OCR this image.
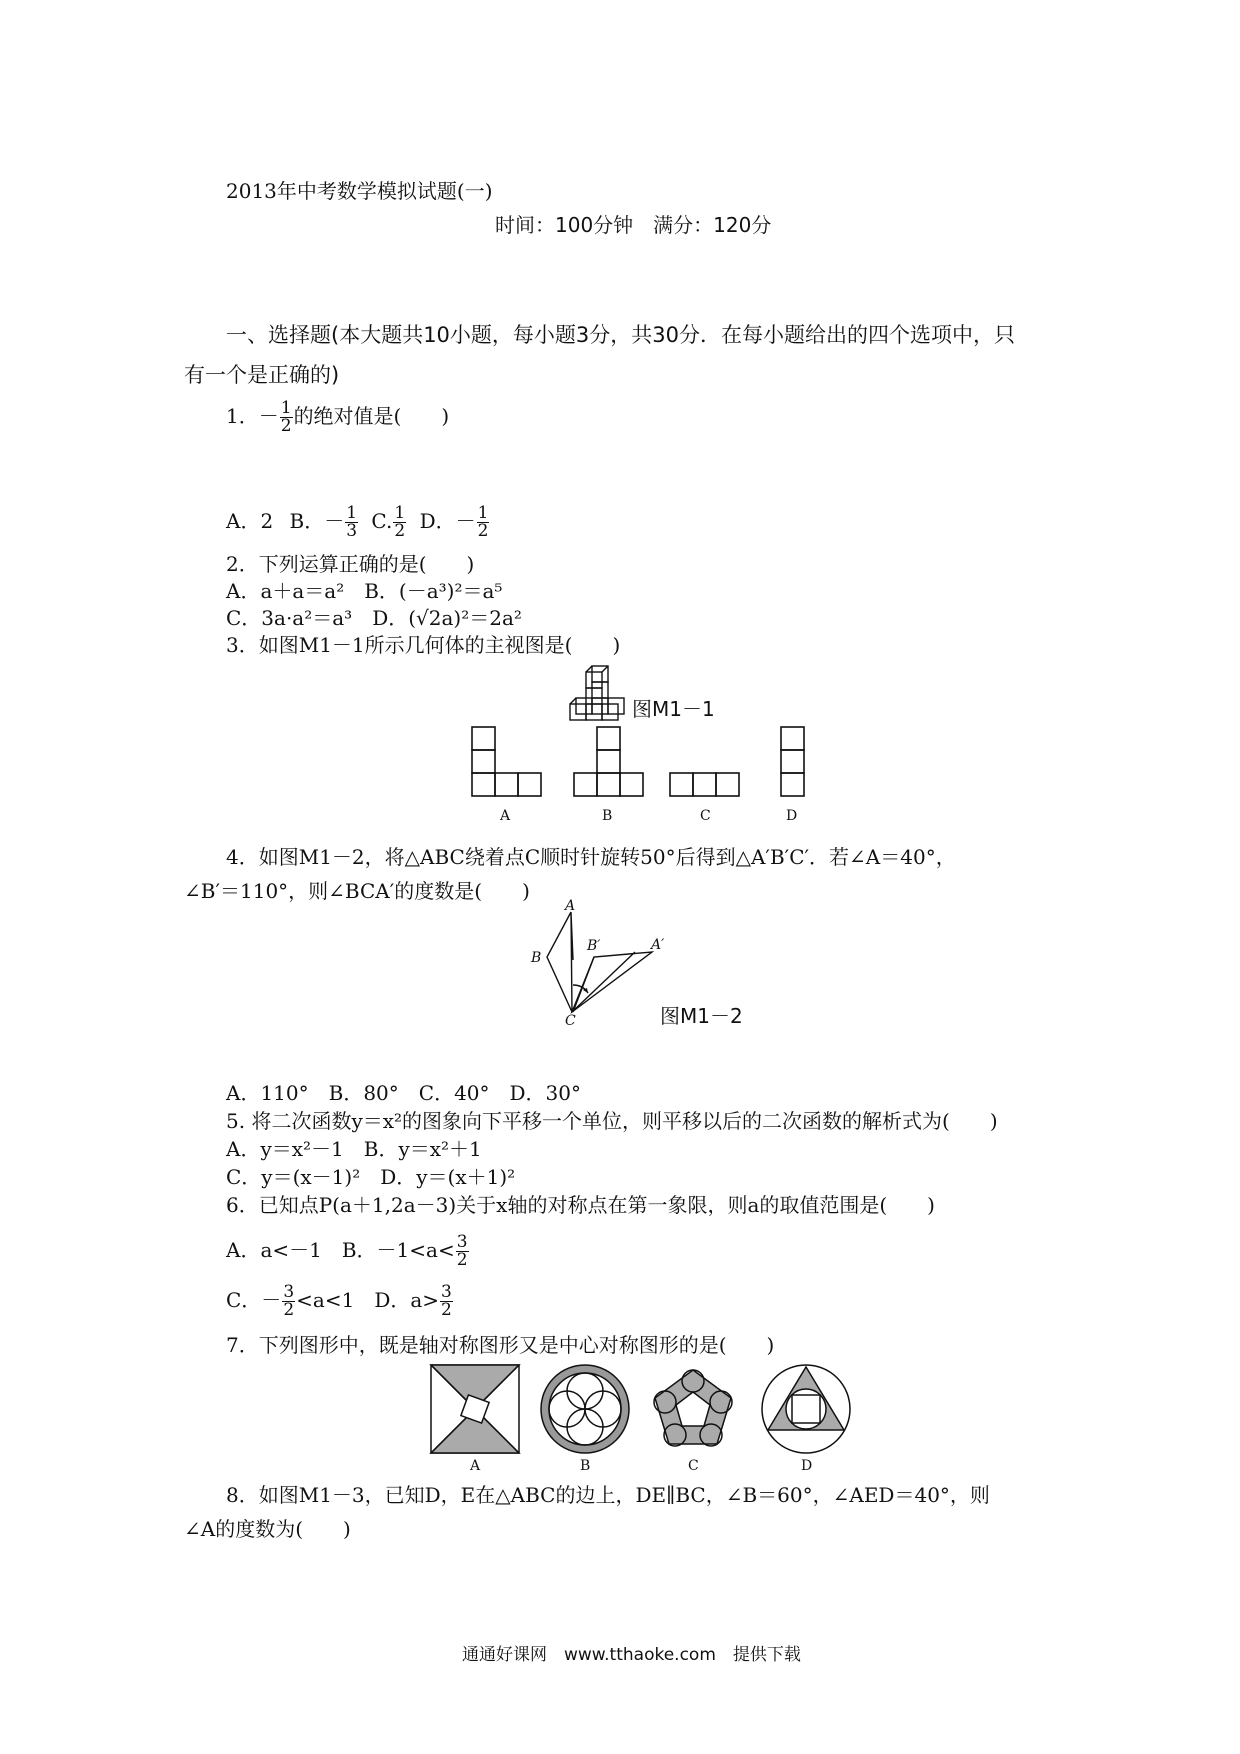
2013年中考数学模拟试题(一)
时间：100分钟　满分：120分
一、选择题(本大题共10小题，每小题3分，共30分．在每小题给出的四个选项中，只
有一个是正确的)
1．－ $\frac{1}{2}$ 的绝对值是(　　)
A．2 B．－ $\frac{1}{3} C$. $\frac{1}{2}$ D．－ $\frac{1}{2}$
2．下列运算正确的是(　　)
A．a＋a＝a²　 B．(－a³)²＝a⁵
C．3a·a²＝a³　 D．(√2a)²＝2a²
3．如图M1－1所示几何体的主视图是(　　)
图M1－1
A	B	C	D
4．如图M1－2，将△ABC绕着点C顺时针旋转50°后得到△A′B′C′．若∠A＝40°，
∠B′＝110°，则∠BCA′的度数是(　　)
A
B
B′	A′
C	图M1－2
A．110°　B．80°　C．40°　D．30°
5. 将二次函数y＝x²的图象向下平移一个单位，则平移以后的二次函数的解析式为(　　)
A．y＝x²－1　B．y＝x²＋1
C．y＝(x－1)²　D．y＝(x＋1)²
6．已知点P(a＋1,2a－3)关于x轴的对称点在第一象限，则a的取值范围是(　　)
A．a<－1　 B．$-1<a< \frac{3}{2}$
C．－ $\frac{3}{2} <a<1$　 D．$a> \frac{3}{2}$
7．下列图形中，既是轴对称图形又是中心对称图形的是(　　)
A	B	C	D
8．如图M1－3，已知D，E在△ABC的边上，DE∥BC，∠B＝60°，∠AED＝40°，则
∠A的度数为(　　)
通通好课网　www.tthaoke.com　提供下载
